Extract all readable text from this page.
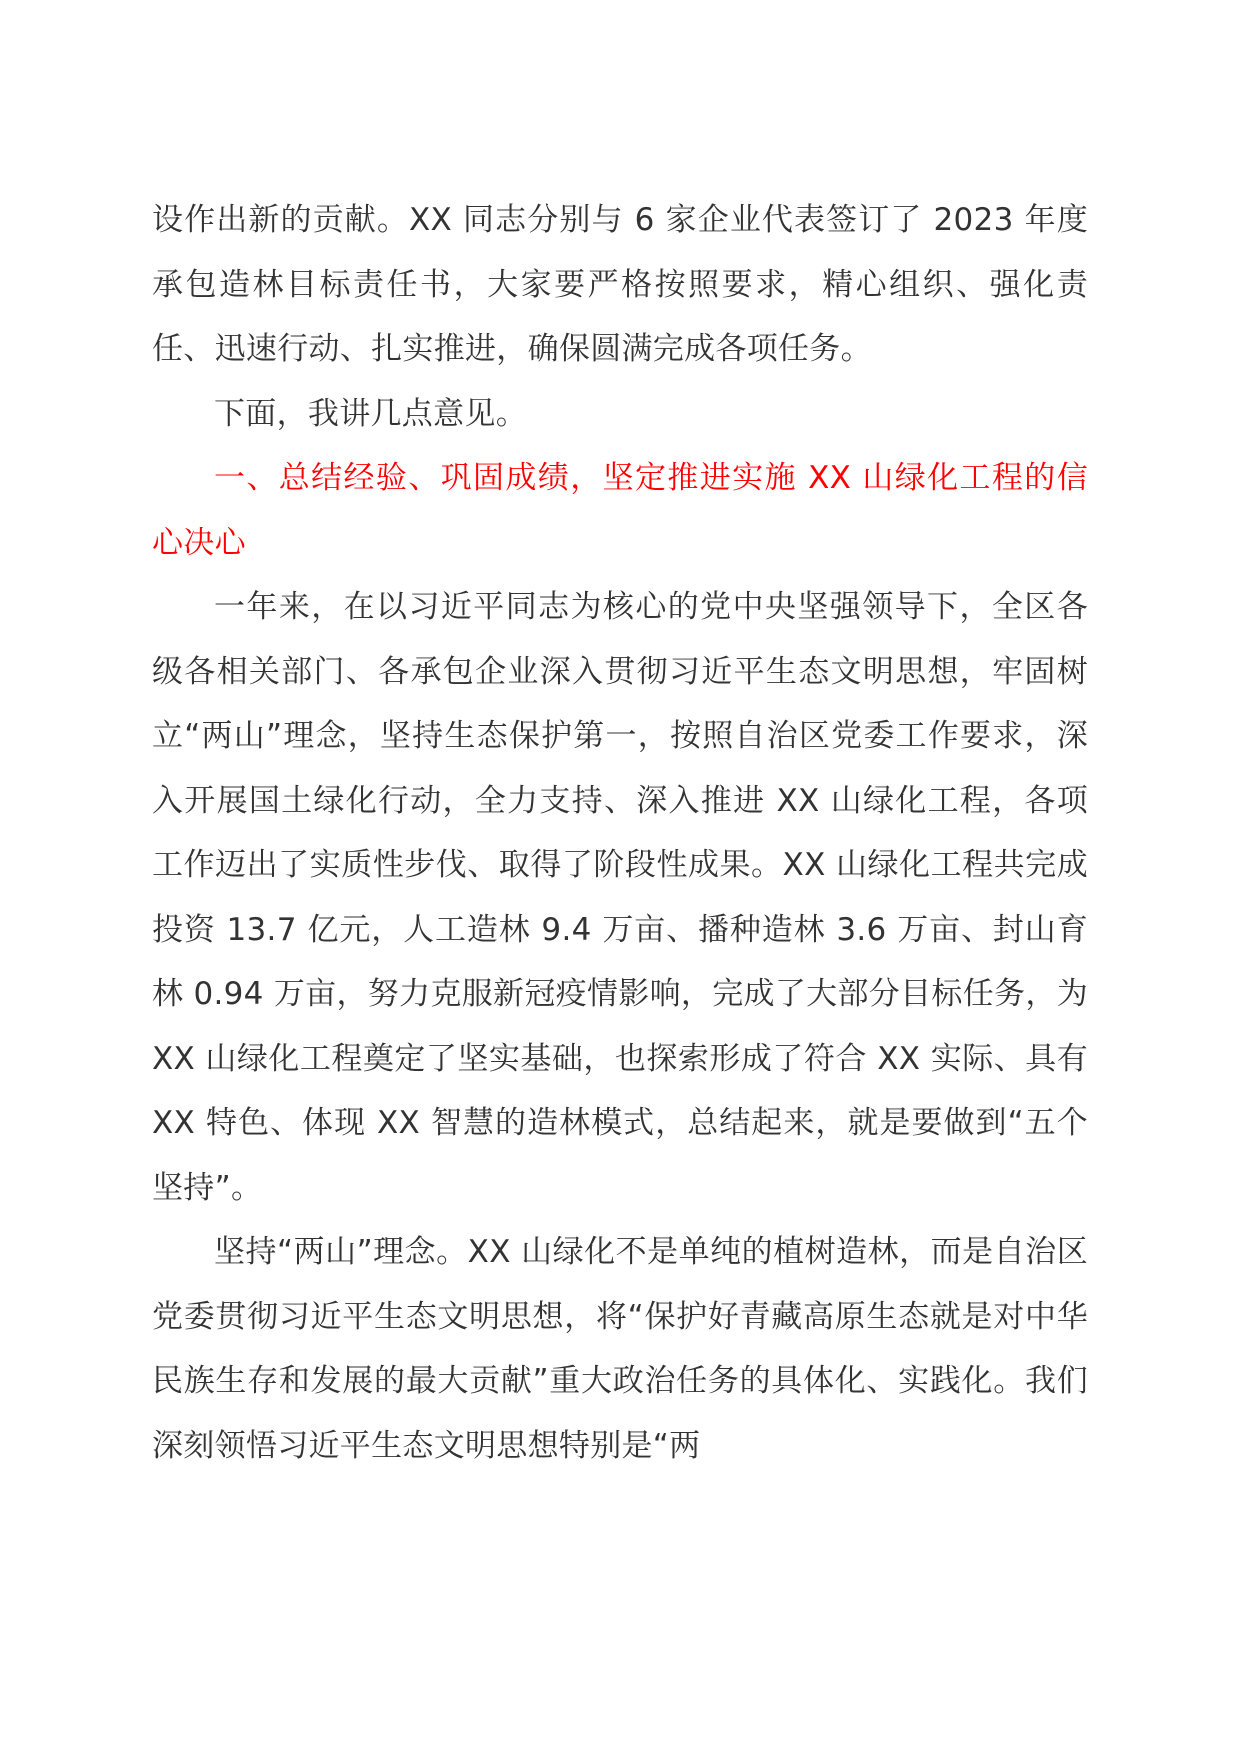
设作出新的贡献。XX 同志分别与 6 家企业代表签订了 2023 年度承包造林目标责任书，大家要严格按照要求，精心组织、强化责任、迅速行动、扎实推进，确保圆满完成各项任务。

下面，我讲几点意见。

一、总结经验、巩固成绩，坚定推进实施 XX 山绿化工程的信心决心

一年来，在以习近平同志为核心的党中央坚强领导下，全区各级各相关部门、各承包企业深入贯彻习近平生态文明思想，牢固树立“两山”理念，坚持生态保护第一，按照自治区党委工作要求，深入开展国土绿化行动，全力支持、深入推进 XX 山绿化工程，各项工作迈出了实质性步伐、取得了阶段性成果。XX 山绿化工程共完成投资 13.7 亿元，人工造林 9.4 万亩、播种造林 3.6 万亩、封山育林 0.94 万亩，努力克服新冠疫情影响，完成了大部分目标任务，为 XX 山绿化工程奠定了坚实基础，也探索形成了符合 XX 实际、具有 XX 特色、体现 XX 智慧的造林模式，总结起来，就是要做到“五个坚持”。

坚持“两山”理念。XX 山绿化不是单纯的植树造林，而是自治区党委贯彻习近平生态文明思想，将“保护好青藏高原生态就是对中华民族生存和发展的最大贡献”重大政治任务的具体化、实践化。我们深刻领悟习近平生态文明思想特别是“两
